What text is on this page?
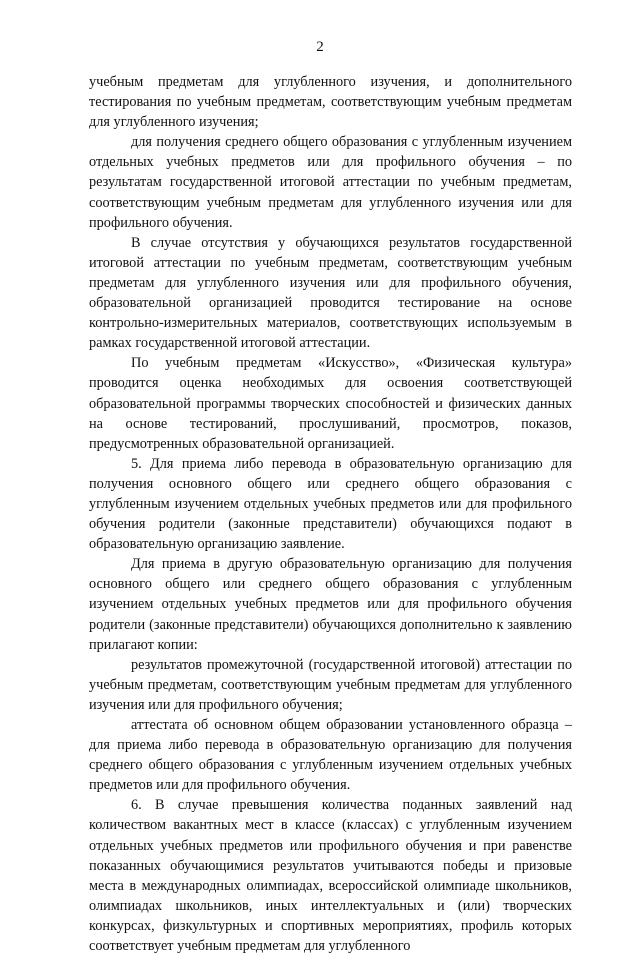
2

учебным предметам для углубленного изучения, и дополнительного тестирования по учебным предметам, соответствующим учебным предметам для углубленного изучения;

для получения среднего общего образования с углубленным изучением отдельных учебных предметов или для профильного обучения – по результатам государственной итоговой аттестации по учебным предметам, соответствующим учебным предметам для углубленного изучения или для профильного обучения.

В случае отсутствия у обучающихся результатов государственной итоговой аттестации по учебным предметам, соответствующим учебным предметам для углубленного изучения или для профильного обучения, образовательной организацией проводится тестирование на основе контрольно-измерительных материалов, соответствующих используемым в рамках государственной итоговой аттестации.

По учебным предметам «Искусство», «Физическая культура» проводится оценка необходимых для освоения соответствующей образовательной программы творческих способностей и физических данных на основе тестирований, прослушиваний, просмотров, показов, предусмотренных образовательной организацией.

5. Для приема либо перевода в образовательную организацию для получения основного общего или среднего общего образования с углубленным изучением отдельных учебных предметов или для профильного обучения родители (законные представители) обучающихся подают в образовательную организацию заявление.

Для приема в другую образовательную организацию для получения основного общего или среднего общего образования с углубленным изучением отдельных учебных предметов или для профильного обучения родители (законные представители) обучающихся дополнительно к заявлению прилагают копии:

результатов промежуточной (государственной итоговой) аттестации по учебным предметам, соответствующим учебным предметам для углубленного изучения или для профильного обучения;

аттестата об основном общем образовании установленного образца – для приема либо перевода в образовательную организацию для получения среднего общего образования с углубленным изучением отдельных учебных предметов или для профильного обучения.

6. В случае превышения количества поданных заявлений над количеством вакантных мест в классе (классах) с углубленным изучением отдельных учебных предметов или профильного обучения и при равенстве показанных обучающимися результатов учитываются победы и призовые места в международных олимпиадах, всероссийской олимпиаде школьников, олимпиадах школьников, иных интеллектуальных и (или) творческих конкурсах, физкультурных и спортивных мероприятиях, профиль которых соответствует учебным предметам для углубленного
